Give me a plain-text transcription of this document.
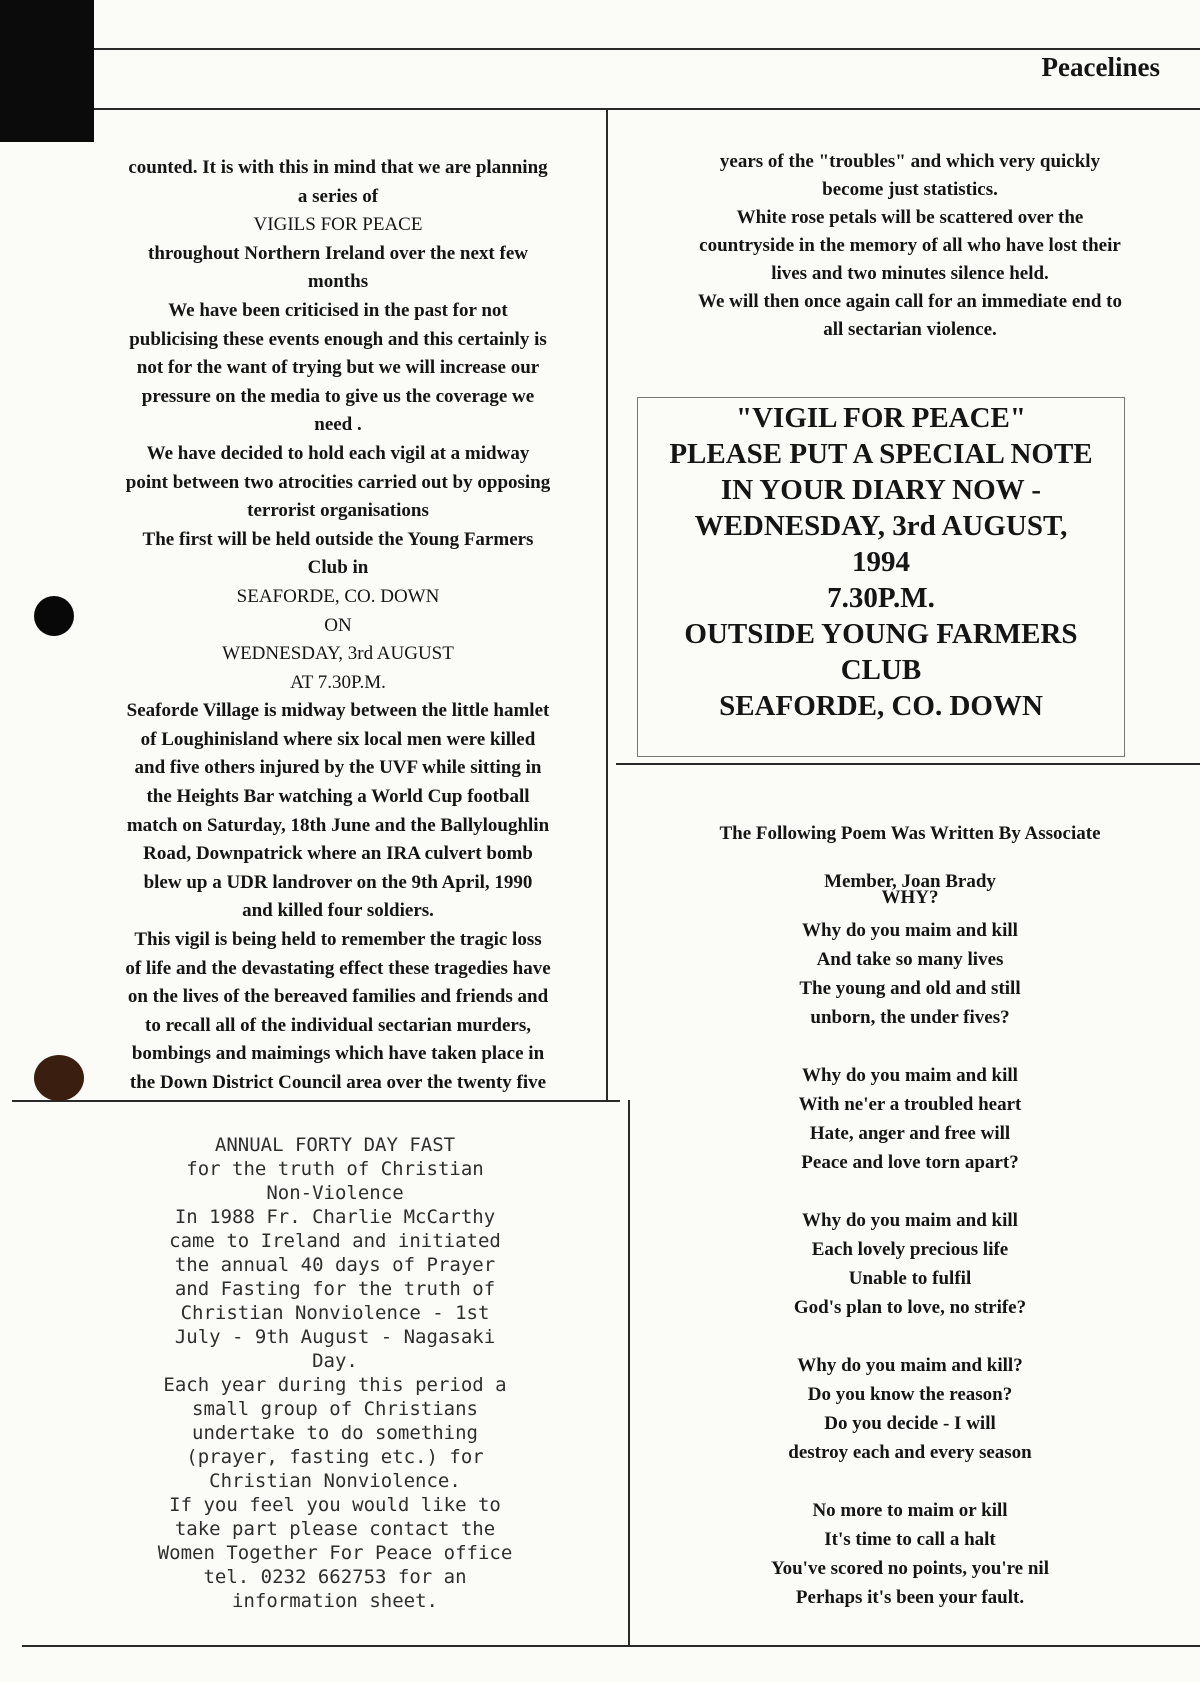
Peacelines

counted. It is with this in mind that we are planning

a series of

VIGILS FOR PEACE

throughout Northern Ireland over the next few

months

We have been criticised in the past for not

publicising these events enough and this certainly is

not for the want of trying but we will increase our

pressure on the media to give us the coverage we

need .

We have decided to hold each vigil at a midway

point between two atrocities carried out by opposing

terrorist organisations

The first will be held outside the Young Farmers

Club in

SEAFORDE, CO. DOWN

ON

WEDNESDAY, 3rd AUGUST

AT 7.30P.M.

Seaforde Village is midway between the little hamlet

of Loughinisland where six local men were killed

and five others injured by the UVF while sitting in

the Heights Bar watching a World Cup football

match on Saturday, 18th June and the Ballyloughlin

Road, Downpatrick where an IRA culvert bomb

blew up a UDR landrover on the 9th April, 1990

and killed four soldiers.

This vigil is being held to remember the tragic loss

of life and the devastating effect these tragedies have

on the lives of the bereaved families and friends and

to recall all of the individual sectarian murders,

bombings and maimings which have taken place in

the Down District Council area over the twenty five

years of the "troubles" and which very quickly

become just statistics.

White rose petals will be scattered over the

countryside in the memory of all who have lost their

lives and two minutes silence held.

We will then once again call for an immediate end to

all sectarian violence.

"VIGIL FOR PEACE"

PLEASE PUT A SPECIAL NOTE

IN YOUR DIARY NOW -

WEDNESDAY, 3rd AUGUST,

1994

7.30P.M.

OUTSIDE YOUNG FARMERS

CLUB

SEAFORDE, CO. DOWN

The Following Poem Was Written By Associate

Member, Joan Brady

WHY?

Why do you maim and kill

And take so many lives

The young and old and still

unborn, the under fives?

Why do you maim and kill

With ne'er a troubled heart

Hate, anger and free will

Peace and love torn apart?

Why do you maim and kill

Each lovely precious life

Unable to fulfil

God's plan to love, no strife?

Why do you maim and kill?

Do you know the reason?

Do you decide - I will

destroy each and every season

No more to maim or kill

It's time to call a halt

You've scored no points, you're nil

Perhaps it's been your fault.

ANNUAL FORTY DAY FAST

for the truth of Christian

Non-Violence

In 1988 Fr. Charlie McCarthy

came to Ireland and initiated

the annual 40 days of Prayer

and Fasting for the truth of

Christian Nonviolence - 1st

July - 9th August - Nagasaki

Day.

Each year during this period a

small group of Christians

undertake to do something

(prayer, fasting etc.) for

Christian Nonviolence.

If you feel you would like to

take part please contact the

Women Together For Peace office

tel. 0232 662753 for an

information sheet.
